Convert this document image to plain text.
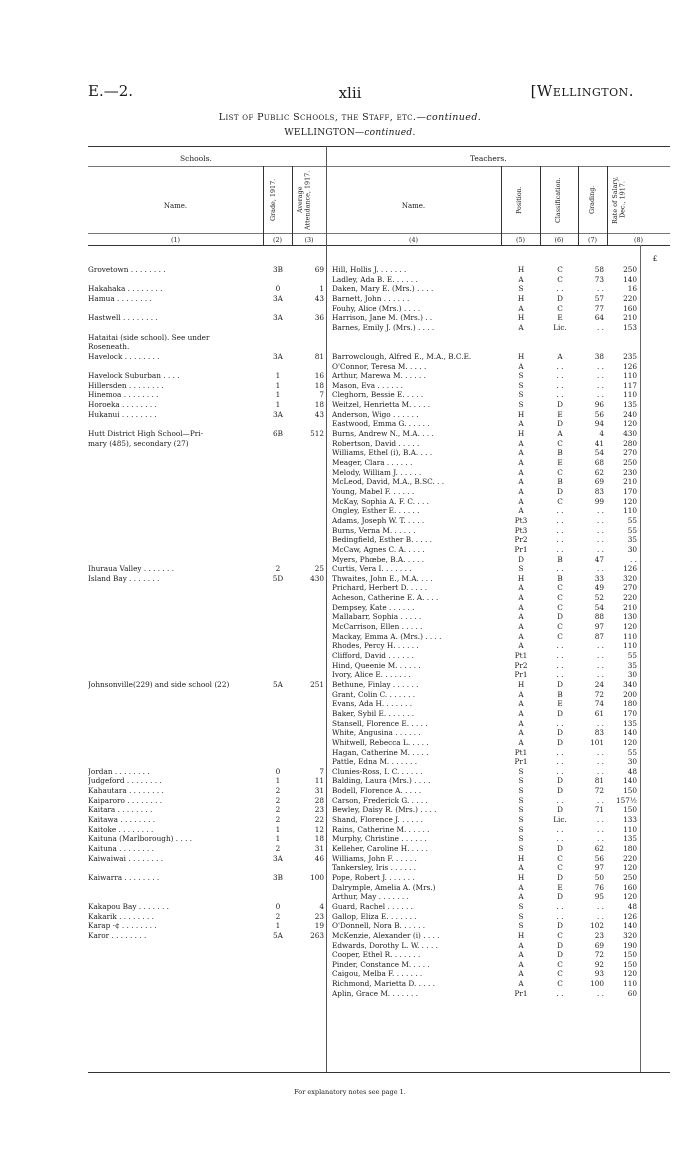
E.—2.	xlii	[Wellington.
List of Public Schools, the Staff, etc.—continued.
WELLINGTON—continued.
Schools.	Teachers.
Name.	Grade, 1917.	Average Attendance, 1917.	Name.	Position.	Classification.	Grading. Rate of Salary, Dec., 1917.
(1)	(2)	(3)	(4)	(5)	(6)	(7)	(8)
£
Grovetown . . . . . . . .	3B	69 Hill, Hollis J. . . . . . .	H	C	58	250
Ladley, Ada B. E. . . . . .	A	C	73	140
Hakahaka . . . . . . . .	0	1 Daken, Mary E. (Mrs.) . . . .	S	. .	. .	16
Hamua . . . . . . . .	3A	43 Barnett, John . . . . . .	H	D	57	220
Fouhy, Alice (Mrs.) . . . .	A	C	77	160
Hastwell . . . . . . . .	3A	36 Harrison, Jane M. (Mrs.) . .	H	E	64	210
Barnes, Emily J. (Mrs.) . . . .	A	Lic.	. .	153
Hataitai (side school). See under
Roseneath.
Havelock . . . . . . . .	3A	81 Barrowclough, Alfred E., M.A., B.C.E.	H	A	38	235
O'Connor, Teresa M. . . . .	A	. .	. .	126
Havelock Suburban . . . .	1	16 Arthur, Marewa M. . . . . .	S	. .	. .	110
Hillersden . . . . . . . .	1	18 Mason, Eva . . . . . .	S	. .	. .	117
Hinemoa . . . . . . . .	1	7 Cleghorn, Bessie E. . . . .	S	. .	. .	110
Horoeka . . . . . . . .	1	18 Weitzel, Henrietta M. . . . .	S	D	96	135
Hukanui . . . . . . . .	3A	43 Anderson, Wigo . . . . . .	H	E	56	240
Eastwood, Emma G. . . . . .	A	D	94	120
Hutt District High School—Pri-	6B	512 Burns, Andrew N., M.A. . . .	H	A	4	430
mary (485), secondary (27)	Robertson, David . . . . .	A	C	41	280
Williams, Ethel (i), B.A. . . .	A	B	54	270
Meager, Clara . . . . . .	A	E	68	250
Melody, William J. . . . . .	A	C	62	230
McLeod, David, M.A., B.SC. . .	A	B	69	210
Young, Mabel F. . . . . .	A	D	83	170
McKay, Sophia A. F. C. . . .	A	C	99	120
Ongley, Esther E. . . . . .	A	. .	. .	110
Adams, Joseph W. T. . . . .	Pt3	. .	. .	55
Burns, Verna M. . . . . .	Pt3	. .	. .	55
Bedingfield, Esther B. . . . .	Pr2	. .	. .	35
McCaw, Agnes C. A. . . . .	Pr1	. .	. .	30
Myers, Phœbe, B.A. . . . .	D	B	47	. .
Ihuraua Valley . . . . . . .	2	25 Curtis, Vera I. . . . . . .	S	. .	. .	126
Island Bay . . . . . . .	5D	430 Thwaites, John E., M.A. . . .	H	B	33	320
Prichard, Herbert D. . . . .	A	C	49	270
Acheson, Catherine E. A. . . .	A	C	52	220
Dempsey, Kate . . . . . .	A	C	54	210
Mallabarr, Sophia . . . . .	A	D	88	130
McCarrison, Ellen . . . . .	A	C	97	120
Mackay, Emma A. (Mrs.) . . . .	A	C	87	110
Rhodes, Percy H. . . . . .	A	. .	. .	110
Clifford, David . . . . . .	Pt1	. .	. .	55
Hind, Queenie M. . . . . .	Pr2	. .	. .	35
Ivory, Alice E. . . . . . .	Pr1	. .	. .	30
Johnsonville(229) and side school (22)	5A	251 Bethune, Finlay . . . . . .	H	D	24	340
Grant, Colin C. . . . . . .	A	B	72	200
Evans, Ada H. . . . . . .	A	E	74	180
Baker, Sybil E. . . . . . .	A	D	61	170
Stansell, Florence E. . . . .	A	. .	. .	135
White, Angusina . . . . . .	A	D	83	140
Whitwell, Rebecca L. . . . .	A	D	101	120
Hagan, Catherine M. . . . .	Pt1	. .	. .	55
Pattle, Edna M. . . . . . .	Pr1	. .	. .	30
Jordan . . . . . . . .	0	7 Clunies-Ross, I. C. . . . . .	S	. .	. .	48
Judgeford . . . . . . . .	1	11 Balding, Laura (Mrs.) . . . .	S	D	81	140
Kahautara . . . . . . . .	2	31 Bodell, Florence A. . . . .	S	D	72	150
Kaiparoro . . . . . . . .	2	28 Carson, Frederick G. . . . .	S	. .	. .	157½
Kaitara . . . . . . . .	2	23 Bewley, Daisy R. (Mrs.) . . . .	S	D	71	150
Kaitawa . . . . . . . .	2	22 Shand, Florence J. . . . . .	S	Lic.	. .	133
Kaitoke . . . . . . . .	1	12 Rains, Catherine M. . . . . .	S	. .	. .	110
Kaituna (Marlborough) . . . .	1	18 Murphy, Christine . . . . . .	S	. .	. .	135
Kaituna . . . . . . . .	2	31 Kelleher, Caroline H. . . . .	S	D	62	180
Kaiwaiwai . . . . . . . .	3A	46 Williams, John F. . . . . .	H	C	56	220
Tankersley, Iris . . . . . .	A	C	97	120
Kaiwarra . . . . . . . .	3B	100 Pope, Robert J. . . . . . .	H	D	50	250
Dalrymple, Amelia A. (Mrs.)	A	E	76	160
Arthur, May . . . . . . .	A	D	95	120
Kakapou Bay . . . . . . .	0	4 Guard, Rachel . . . . . .	S	. .	. .	48
Kakarik . . . . . . . .	2	23 Gallop, Eliza E. . . . . . .	S	. .	. .	126
Karap ·¢ . . . . . . . .	1	19 O'Donnell, Nora B. . . . . .	S	D	102	140
Karor . . . . . . . .	5A	263 McKenzie, Alexander (i) . . . .	H	C	23	320
Edwards, Dorothy L. W. . . . .	A	D	69	190
Cooper, Ethel R. . . . . . .	A	D	72	150
Pinder, Constance M. . . . .	A	C	92	150
Caigou, Melba F. . . . . . .	A	C	93	120
Richmond, Marietta D. . . . .	A	C	100	110
Aplin, Grace M. . . . . . .	Pr1	. .	. .	60
For explanatory notes see page 1.
